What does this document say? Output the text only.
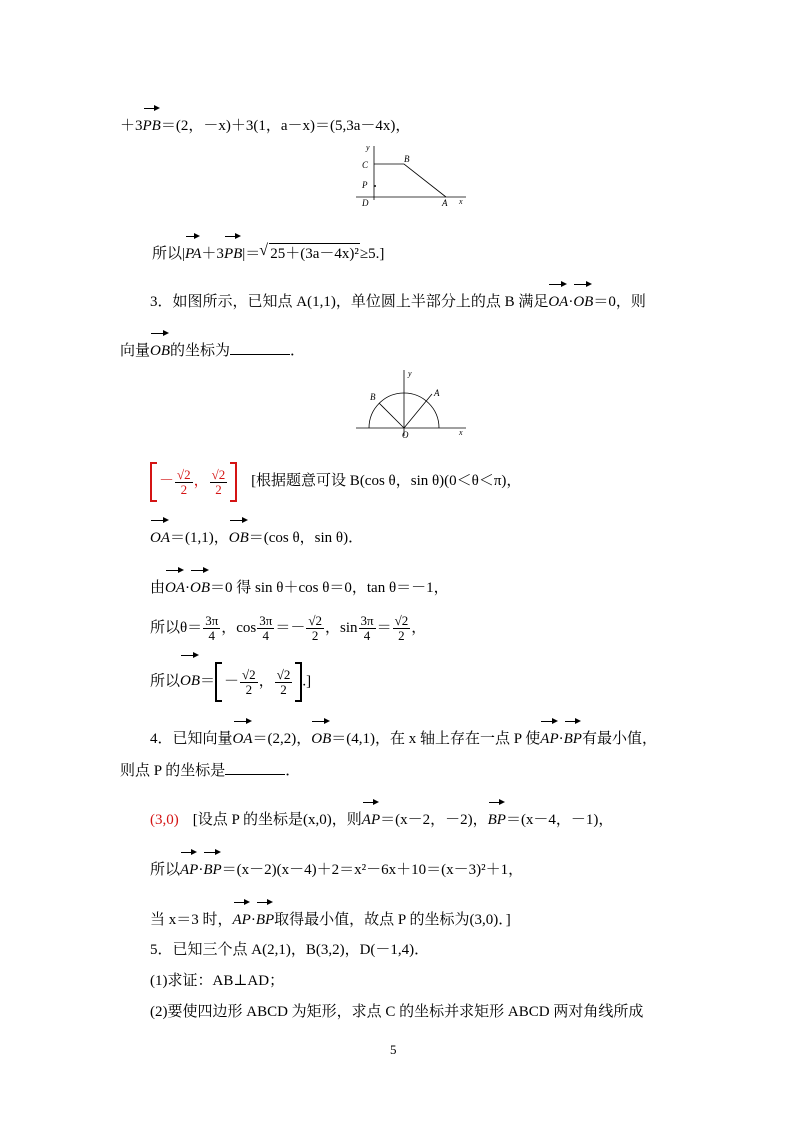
＋3PB＝(2，－x)＋3(1，a－x)＝(5,3a－4x)，
y
C
B
P
D	A x
所以|PA＋3PB|＝√ 25＋(3a－4x)²≥5.]
3．如图所示，已知点 A(1,1)，单位圆上半部分上的点 B 满足OA·OB＝0，则
向量OB的坐标为	．
y
B	A
O	x
－ $\frac{√2}{2}$ ， $\frac{√2}{2}$ [根据题意可设 B(cos θ，sin θ)(0＜θ＜π)，
OA＝(1,1)，OB＝(cos θ，sin θ)．
由OA·OB＝0 得 sin θ＋cos θ＝0，tan θ＝－1，
所以$\theta= \frac{3\pi}{4}$ ，$\cos \frac{3\pi}{4} =- \frac{√2}{2}$ ，$\sin \frac{3\pi}{4} = \frac{√2}{2}$ ，
所以$OB= - \frac{√2}{2}$ ， $\frac{√2}{2}$ .]
4．已知向量OA＝(2,2)，OB＝(4,1)，在 x 轴上存在一点 P 使AP·BP有最小值，
则点 P 的坐标是	．
(3,0) [设点 P 的坐标是(x,0)，则AP＝(x－2，－2)，BP＝(x－4，－1)，
所以AP·BP＝(x－2)(x－4)＋2＝x²－6x＋10＝(x－3)²＋1，
当 x＝3 时，AP·BP取得最小值，故点 P 的坐标为(3,0)．]
5．已知三个点 A(2,1)，B(3,2)，D(－1,4)．
(1)求证：AB⊥AD；
(2)要使四边形 ABCD 为矩形，求点 C 的坐标并求矩形 ABCD 两对角线所成
5
